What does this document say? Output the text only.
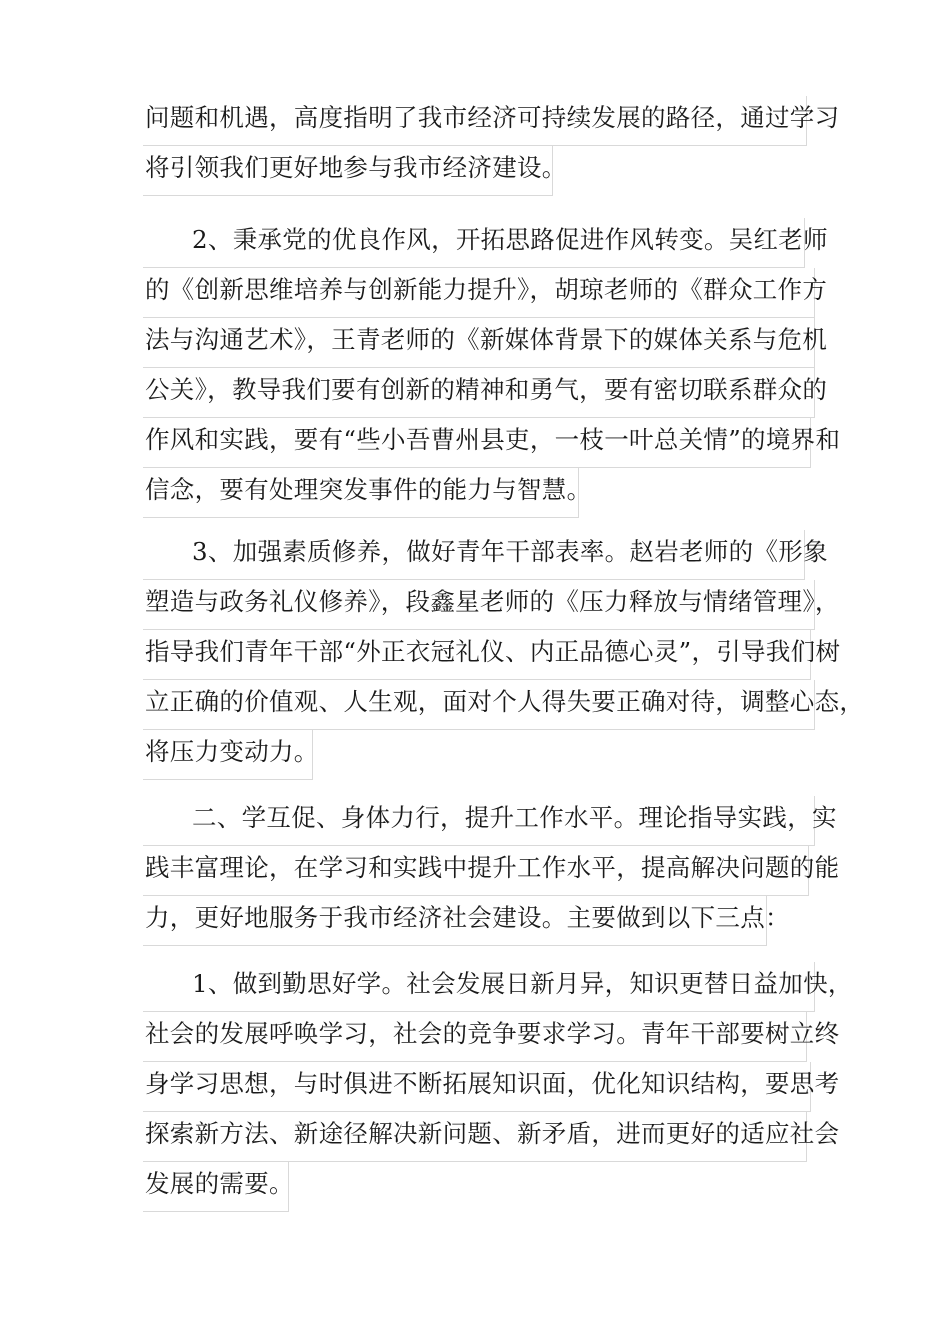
问题和机遇，高度指明了我市经济可持续发展的路径，通过学习
将引领我们更好地参与我市经济建设。
2、秉承党的优良作风，开拓思路促进作风转变。吴红老师
的《创新思维培养与创新能力提升》，胡琼老师的《群众工作方
法与沟通艺术》，王青老师的《新媒体背景下的媒体关系与危机
公关》，教导我们要有创新的精神和勇气，要有密切联系群众的
作风和实践，要有“些小吾曹州县吏，一枝一叶总关情”的境界和
信念，要有处理突发事件的能力与智慧。
3、加强素质修养，做好青年干部表率。赵岩老师的《形象
塑造与政务礼仪修养》，段鑫星老师的《压力释放与情绪管理》，
指导我们青年干部“外正衣冠礼仪、内正品德心灵”，引导我们树
立正确的价值观、人生观，面对个人得失要正确对待，调整心态，
将压力变动力。
二、学互促、身体力行，提升工作水平。理论指导实践，实
践丰富理论，在学习和实践中提升工作水平，提高解决问题的能
力，更好地服务于我市经济社会建设。主要做到以下三点：
1、做到勤思好学。社会发展日新月异，知识更替日益加快，
社会的发展呼唤学习，社会的竞争要求学习。青年干部要树立终
身学习思想，与时俱进不断拓展知识面，优化知识结构，要思考
探索新方法、新途径解决新问题、新矛盾，进而更好的适应社会
发展的需要。
